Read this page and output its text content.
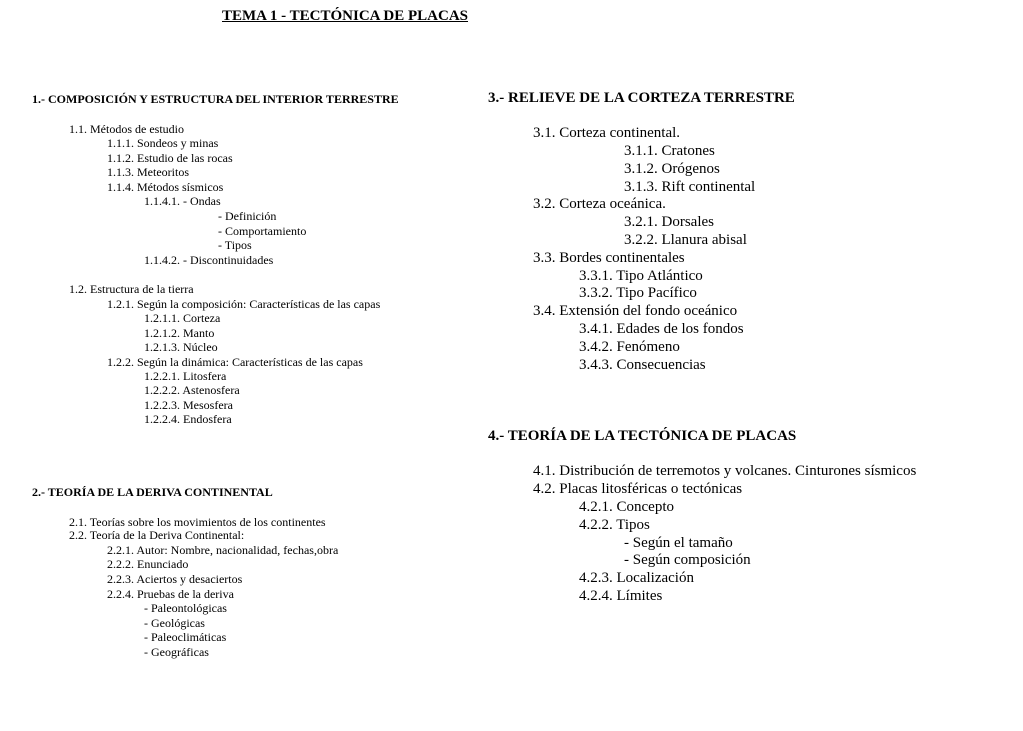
TEMA 1 - TECTÓNICA DE PLACAS
1.- COMPOSICIÓN Y ESTRUCTURA DEL INTERIOR TERRESTRE
1.1. Métodos de estudio
1.1.1. Sondeos y minas
1.1.2. Estudio de las rocas
1.1.3. Meteoritos
1.1.4. Métodos sísmicos
1.1.4.1. - Ondas
- Definición
- Comportamiento
- Tipos
1.1.4.2. - Discontinuidades
1.2. Estructura de la tierra
1.2.1. Según la composición: Características de las capas
1.2.1.1. Corteza
1.2.1.2. Manto
1.2.1.3. Núcleo
1.2.2. Según la dinámica: Características de las capas
1.2.2.1. Litosfera
1.2.2.2. Astenosfera
1.2.2.3. Mesosfera
1.2.2.4. Endosfera
2.- TEORÍA DE LA DERIVA CONTINENTAL
2.1. Teorías sobre los movimientos de los continentes
2.2. Teoría de la Deriva Continental:
2.2.1. Autor: Nombre, nacionalidad, fechas,obra
2.2.2. Enunciado
2.2.3. Aciertos y desaciertos
2.2.4. Pruebas de la deriva
- Paleontológicas
- Geológicas
- Paleoclimáticas
- Geográficas
3.- RELIEVE DE LA CORTEZA TERRESTRE
3.1. Corteza continental.
3.1.1. Cratones
3.1.2. Orógenos
3.1.3. Rift continental
3.2. Corteza oceánica.
3.2.1. Dorsales
3.2.2. Llanura abisal
3.3. Bordes continentales
3.3.1. Tipo Atlántico
3.3.2. Tipo Pacífico
3.4. Extensión del fondo oceánico
3.4.1. Edades de los fondos
3.4.2. Fenómeno
3.4.3. Consecuencias
4.- TEORÍA DE LA TECTÓNICA DE PLACAS
4.1. Distribución de terremotos y volcanes. Cinturones sísmicos
4.2. Placas litosféricas o tectónicas
4.2.1. Concepto
4.2.2. Tipos
- Según el tamaño
- Según composición
4.2.3. Localización
4.2.4. Límites
